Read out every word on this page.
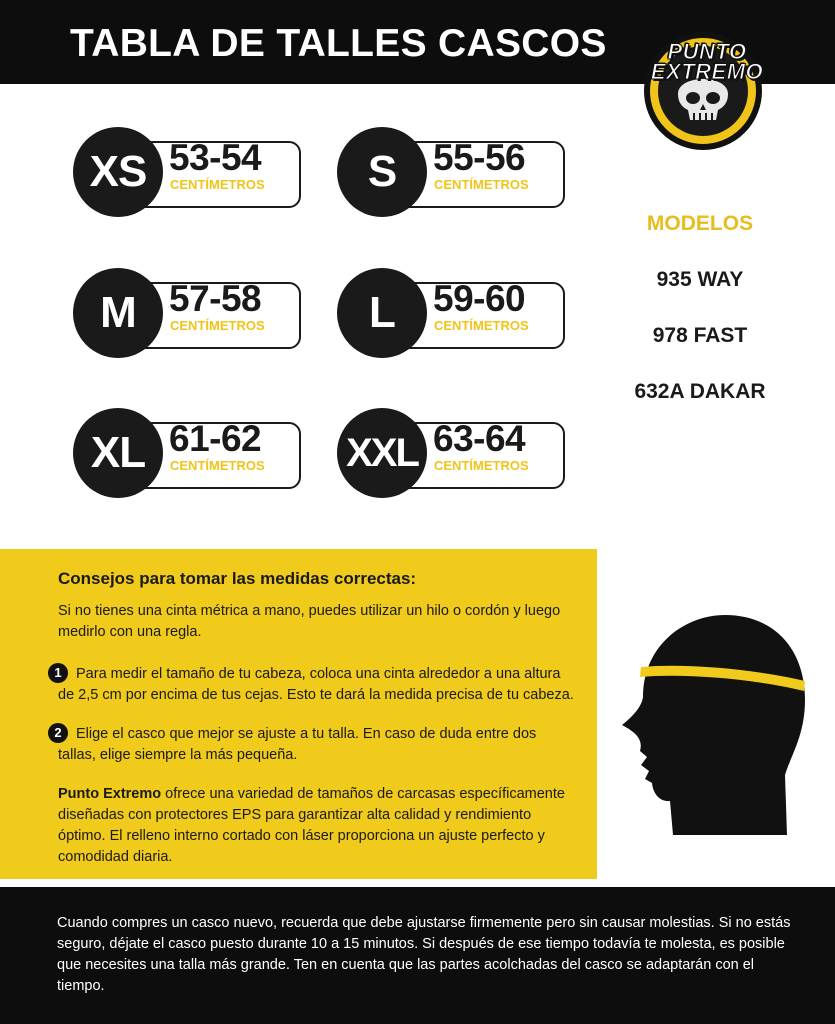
TABLA DE TALLES CASCOS	PUNTO
EXTREMO
XS 53-54
CENTÍMETROS	S 55-56
CENTÍMETROS
M 57-58
CENTÍMETROS	L	59-60
CENTÍMETROS
XL 61-62
CENTÍMETROS XXL 63-64
CENTÍMETROS
MODELOS
935 WAY
978 FAST
632A DAKAR
Consejos para tomar las medidas correctas:

Si no tienes una cinta métrica a mano, puedes utilizar un hilo o cordón y luego medirlo con una regla.

1 Para medir el tamaño de tu cabeza, coloca una cinta alrededor a una altura de 2,5 cm por encima de tus cejas. Esto te dará la medida precisa de tu cabeza.

2 Elige el casco que mejor se ajuste a tu talla. En caso de duda entre dos tallas, elige siempre la más pequeña.

Punto Extremo ofrece una variedad de tamaños de carcasas específicamente diseñadas con protectores EPS para garantizar alta calidad y rendimiento óptimo. El relleno interno cortado con láser proporciona un ajuste perfecto y comodidad diaria.

Cuando compres un casco nuevo, recuerda que debe ajustarse firmemente pero sin causar molestias. Si no estás seguro, déjate el casco puesto durante 10 a 15 minutos. Si después de ese tiempo todavía te molesta, es posible que necesites una talla más grande. Ten en cuenta que las partes acolchadas del casco se adaptarán con el tiempo.
